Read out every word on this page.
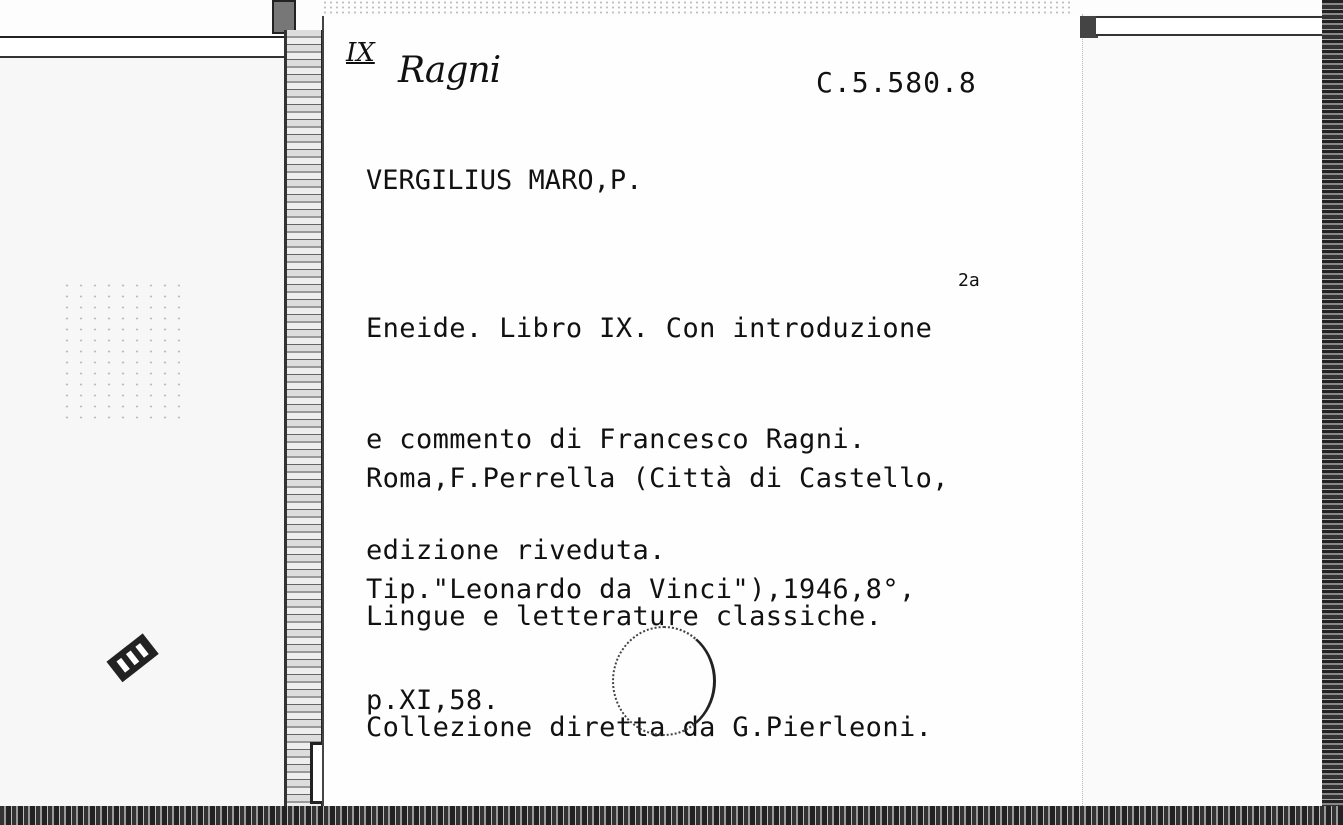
IX Ragni	C.5.580.8
VERGILIUS MARO,P.

Eneide. Libro IX. Con introduzione

e commento di Francesco Ragni.

edizione riveduta.

2a

Roma,F.Perrella (Città di Castello,

Tip."Leonardo da Vinci"),1946,8°,

p.XI,58.

Lingue e letterature classiche.

Collezione diretta da G.Pierleoni.
